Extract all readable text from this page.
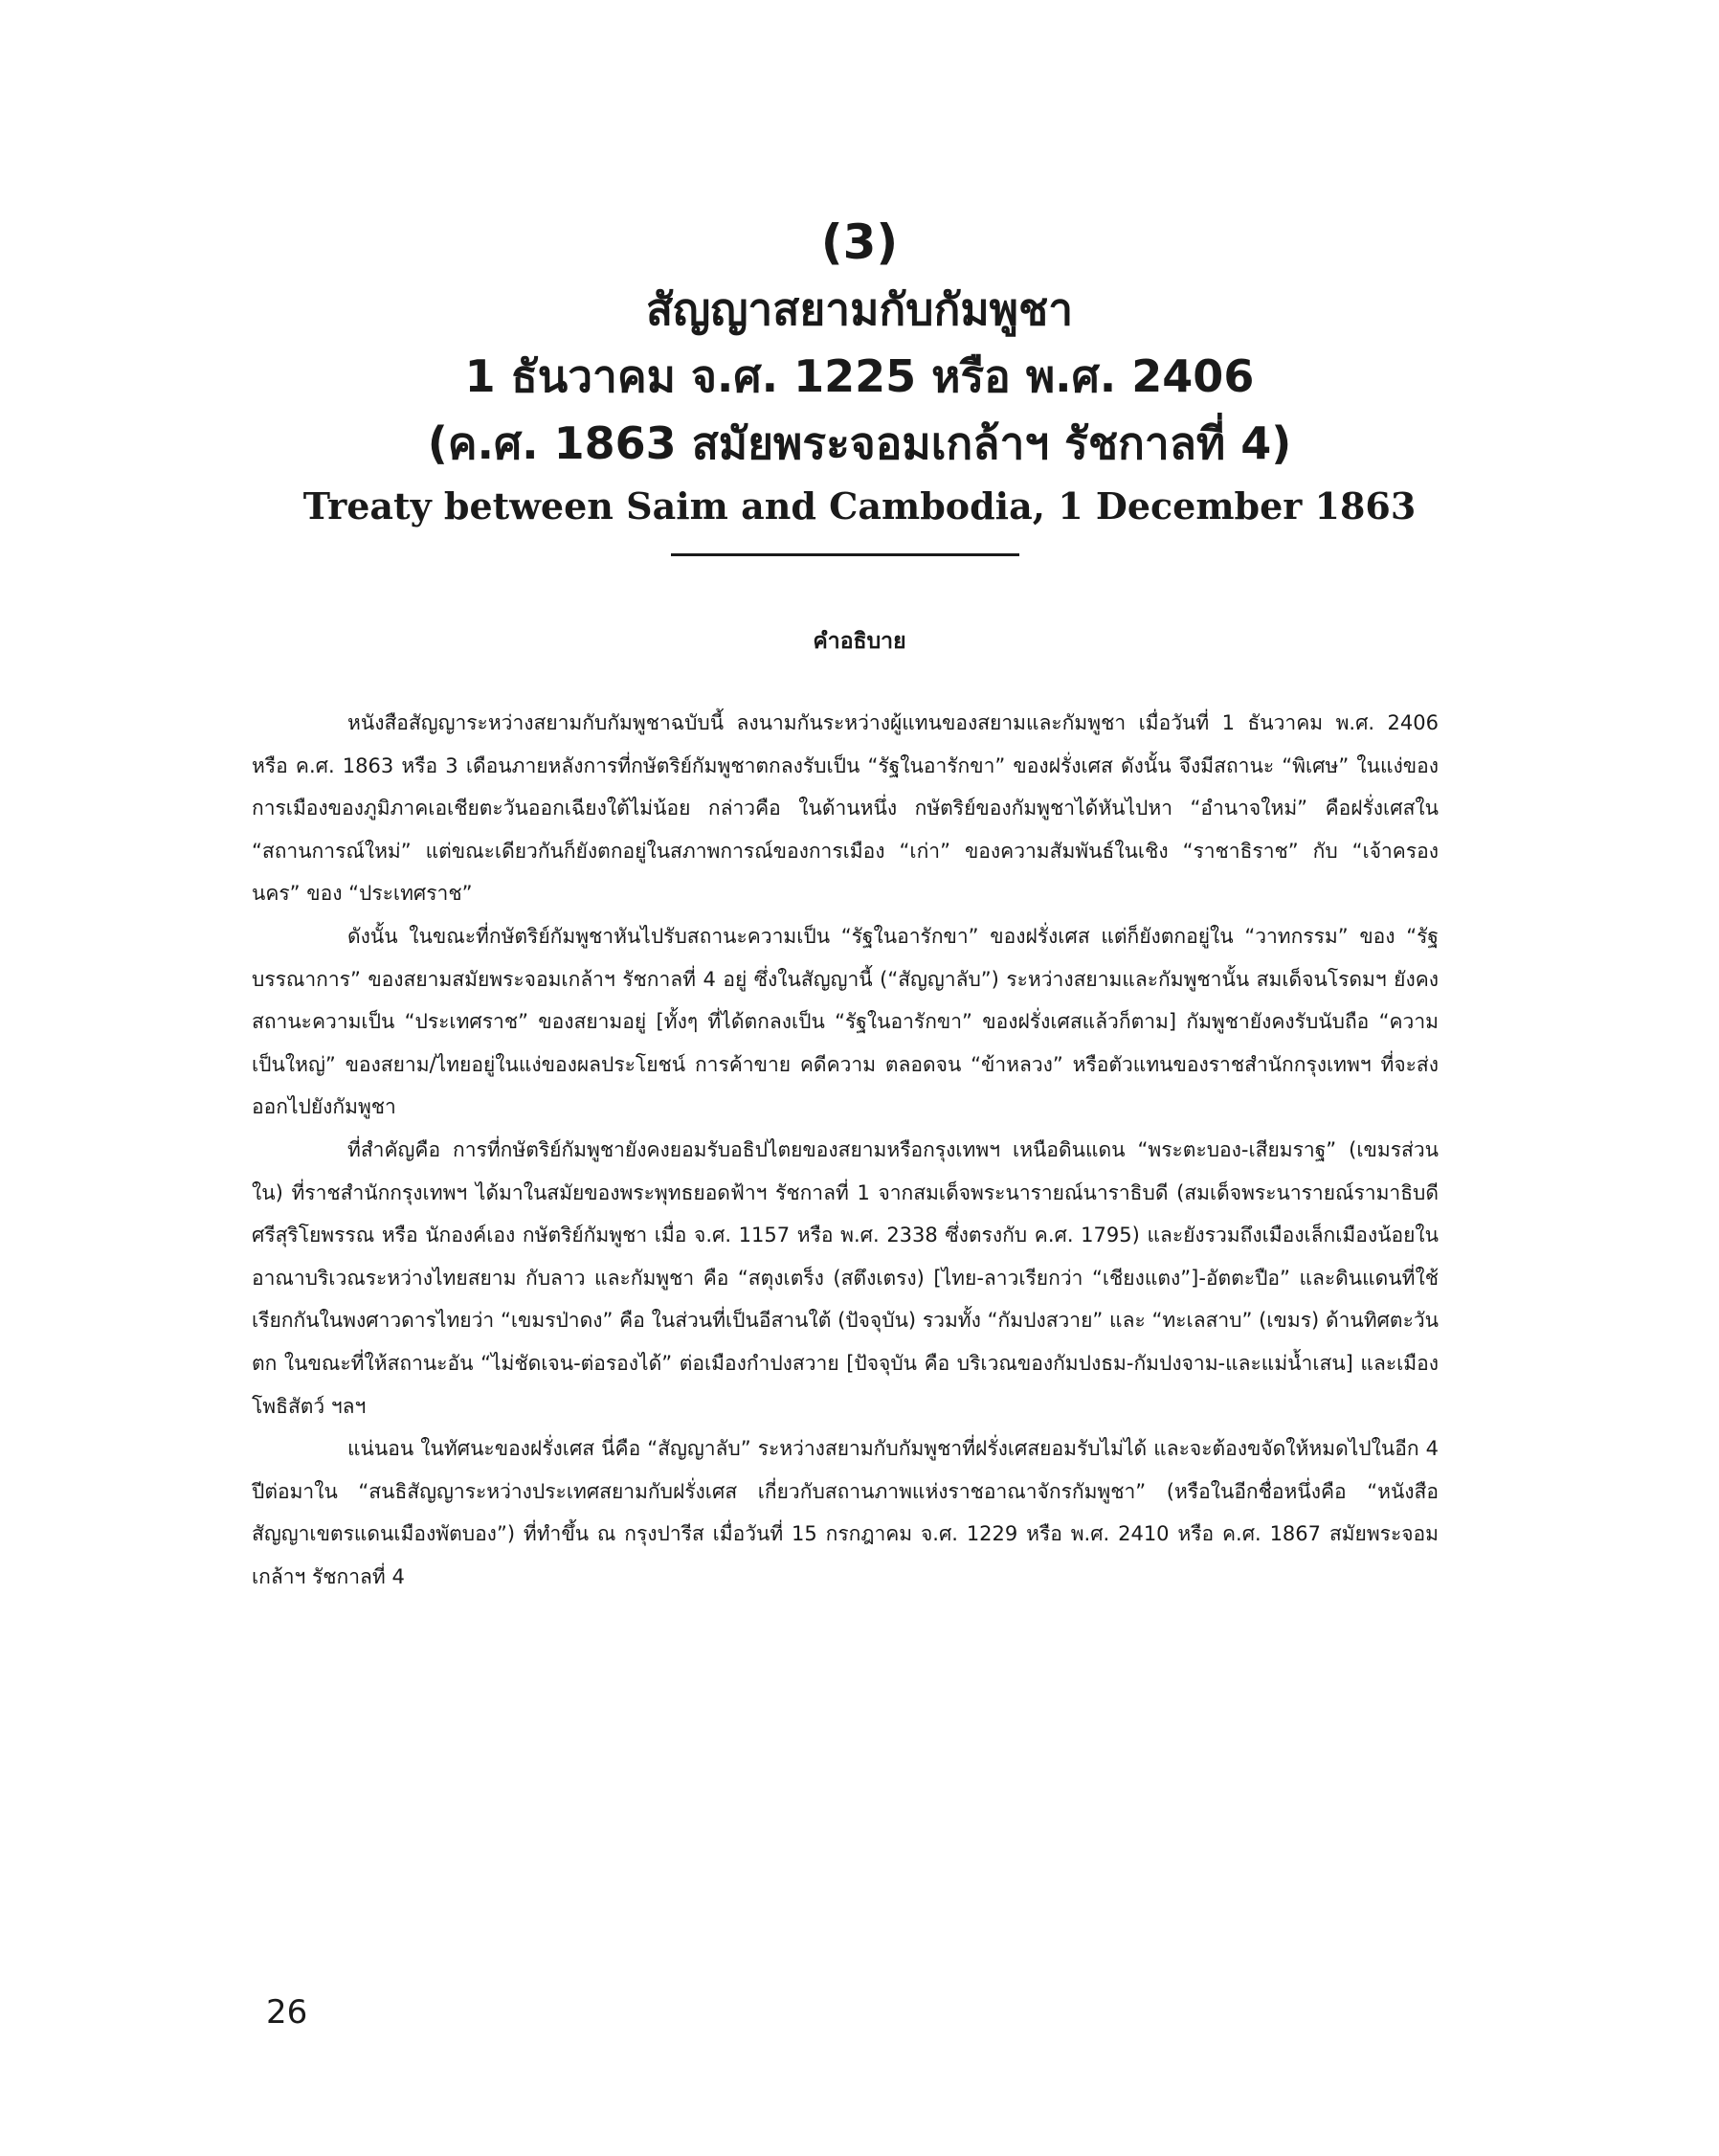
(3)
สัญญาสยามกับกัมพูชา
1 ธันวาคม จ.ศ. 1225 หรือ พ.ศ. 2406
(ค.ศ. 1863 สมัยพระจอมเกล้าฯ รัชกาลที่ 4)
Treaty between Saim and Cambodia, 1 December 1863
คำอธิบาย

หนังสือสัญญาระหว่างสยามกับกัมพูชาฉบับนี้ ลงนามกันระหว่างผู้แทนของสยามและกัมพูชา เมื่อวันที่ 1 ธันวาคม พ.ศ. 2406 หรือ ค.ศ. 1863 หรือ 3 เดือนภายหลังการที่กษัตริย์กัมพูชาตกลงรับเป็น “รัฐในอารักขา” ของฝรั่งเศส ดังนั้น จึงมีสถานะ “พิเศษ” ในแง่ของการเมืองของภูมิภาคเอเชียตะวันออกเฉียงใต้ไม่น้อย กล่าวคือ ในด้านหนึ่ง กษัตริย์ของกัมพูชาได้หันไปหา “อำนาจใหม่” คือฝรั่งเศสใน “สถานการณ์ใหม่” แต่ขณะเดียวกันก็ยังตกอยู่ในสภาพการณ์ของการเมือง “เก่า” ของความสัมพันธ์ในเชิง “ราชาธิราช” กับ “เจ้าครองนคร” ของ “ประเทศราช”

ดังนั้น ในขณะที่กษัตริย์กัมพูชาหันไปรับสถานะความเป็น “รัฐในอารักขา” ของฝรั่งเศส แต่ก็ยังตกอยู่ใน “วาทกรรม” ของ “รัฐบรรณาการ” ของสยามสมัยพระจอมเกล้าฯ รัชกาลที่ 4 อยู่ ซึ่งในสัญญานี้ (“สัญญาลับ”) ระหว่างสยามและกัมพูชานั้น สมเด็จนโรดมฯ ยังคงสถานะความเป็น “ประเทศราช” ของสยามอยู่ [ทั้งๆ ที่ได้ตกลงเป็น “รัฐในอารักขา” ของฝรั่งเศสแล้วก็ตาม] กัมพูชายังคงรับนับถือ “ความเป็นใหญ่” ของสยาม/ไทยอยู่ในแง่ของผลประโยชน์ การค้าขาย คดีความ ตลอดจน “ข้าหลวง” หรือตัวแทนของราชสำนักกรุงเทพฯ ที่จะส่งออกไปยังกัมพูชา

ที่สำคัญคือ การที่กษัตริย์กัมพูชายังคงยอมรับอธิปไตยของสยามหรือกรุงเทพฯ เหนือดินแดน “พระตะบอง-เสียมราฐ” (เขมรส่วนใน) ที่ราชสำนักกรุงเทพฯ ได้มาในสมัยของพระพุทธยอดฟ้าฯ รัชกาลที่ 1 จากสมเด็จพระนารายณ์นาราธิบดี (สมเด็จพระนารายณ์รามาธิบดีศรีสุริโยพรรณ หรือ นักองค์เอง กษัตริย์กัมพูชา เมื่อ จ.ศ. 1157 หรือ พ.ศ. 2338 ซึ่งตรงกับ ค.ศ. 1795) และยังรวมถึงเมืองเล็กเมืองน้อยในอาณาบริเวณระหว่างไทยสยาม กับลาว และกัมพูชา คือ “สตุงเตร็ง (สตึงเตรง) [ไทย-ลาวเรียกว่า “เชียงแตง”]-อัตตะปือ” และดินแดนที่ใช้เรียกกันในพงศาวดารไทยว่า “เขมรป่าดง” คือ ในส่วนที่เป็นอีสานใต้ (ปัจจุบัน) รวมทั้ง “กัมปงสวาย” และ “ทะเลสาบ” (เขมร) ด้านทิศตะวันตก ในขณะที่ให้สถานะอัน “ไม่ชัดเจน-ต่อรองได้” ต่อเมืองกำปงสวาย [ปัจจุบัน คือ บริเวณของกัมปงธม-กัมปงจาม-และแม่น้ำเสน] และเมืองโพธิสัตว์ ฯลฯ

แน่นอน ในทัศนะของฝรั่งเศส นี่คือ “สัญญาลับ” ระหว่างสยามกับกัมพูชาที่ฝรั่งเศสยอมรับไม่ได้ และจะต้องขจัดให้หมดไปในอีก 4 ปีต่อมาใน “สนธิสัญญาระหว่างประเทศสยามกับฝรั่งเศส เกี่ยวกับสถานภาพแห่งราชอาณาจักรกัมพูชา” (หรือในอีกชื่อหนึ่งคือ “หนังสือสัญญาเขตรแดนเมืองพัตบอง”) ที่ทำขึ้น ณ กรุงปารีส เมื่อวันที่ 15 กรกฎาคม จ.ศ. 1229 หรือ พ.ศ. 2410 หรือ ค.ศ. 1867 สมัยพระจอมเกล้าฯ รัชกาลที่ 4

26
